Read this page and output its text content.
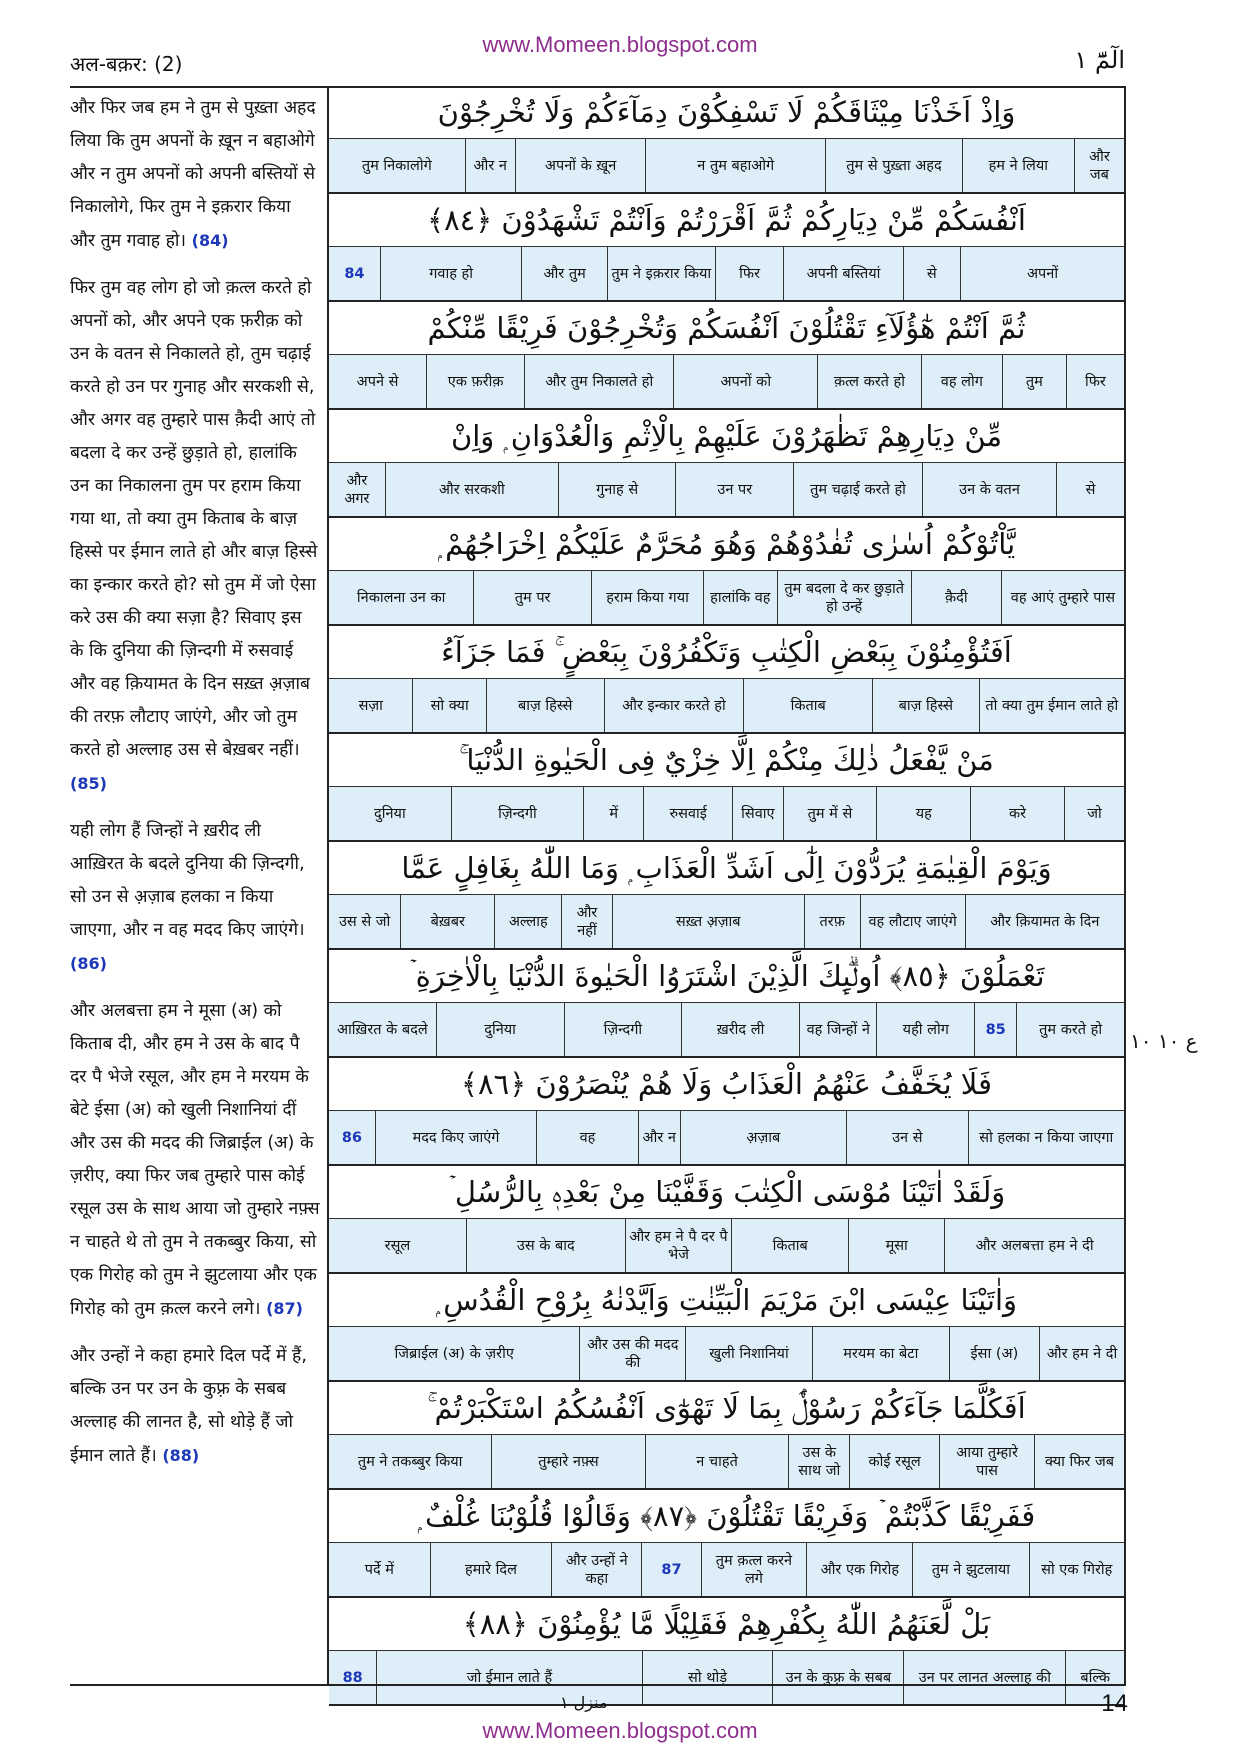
www.Momeen.blogspot.com
अल-बक़र: (2)	الٓمّٓ ١

और फिर जब हम ने तुम से पुख़्ता अहद लिया कि तुम अपनों के ख़ून न बहाओगे और न तुम अपनों को अपनी बस्तियों से निकालोगे, फिर तुम ने इक़रार किया और तुम गवाह हो। (84)

फिर तुम वह लोग हो जो क़त्ल करते हो अपनों को, और अपने एक फ़रीक़ को उन के वतन से निकालते हो, तुम चढ़ाई करते हो उन पर गुनाह और सरकशी से, और अगर वह तुम्हारे पास क़ैदी आएं तो बदला दे कर उन्हें छुड़ाते हो, हालांकि उन का निकालना तुम पर हराम किया गया था, तो क्या तुम किताब के बाज़ हिस्से पर ईमान लाते हो और बाज़ हिस्से का इन्कार करते हो? सो तुम में जो ऐसा करे उस की क्या सज़ा है? सिवाए इस के कि दुनिया की ज़िन्दगी में रुसवाई और वह क़ियामत के दिन सख़्त अ़ज़ाब की तरफ़ लौटाए जाएंगे, और जो तुम करते हो अल्लाह उस से बेख़बर नहीं। (85)

यही लोग हैं जिन्हों ने ख़रीद ली आख़िरत के बदले दुनिया की ज़िन्दगी, सो उन से अ़ज़ाब हलका न किया जाएगा, और न वह मदद किए जाएंगे। (86)

और अलबत्ता हम ने मूसा (अ) को किताब दी, और हम ने उस के बाद पै दर पै भेजे रसूल, और हम ने मरयम के बेटे ईसा (अ) को खुली निशानियां दीं और उस की मदद की जिब्राईल (अ) के ज़रीए, क्या फिर जब तुम्हारे पास कोई रसूल उस के साथ आया जो तुम्हारे नफ़्स न चाहते थे तो तुम ने तकब्बुर किया, सो एक गिरोह को तुम ने झुटलाया और एक गिरोह को तुम क़त्ल करने लगे। (87)

और उन्हों ने कहा हमारे दिल पर्दे में हैं, बल्कि उन पर उन के कुफ़्र के सबब अल्लाह की लानत है, सो थोड़े हैं जो ईमान लाते हैं। (88)

وَاِذْ اَخَذْنَا مِيْثَاقَكُمْ لَا تَسْفِكُوْنَ دِمَآءَكُمْ وَلَا تُخْرِجُوْنَ
और जब
हम ने लिया
तुम से पुख़्ता अहद
न तुम बहाओगे
अपनों के ख़ून
और न
तुम निकालोगे
اَنْفُسَكُمْ مِّنْ دِيَارِكُمْ ثُمَّ اَقْرَرْتُمْ وَاَنْتُمْ تَشْهَدُوْنَ ﴿٨٤﴾
अपनों
से
अपनी बस्तियां
फिर
तुम ने इक़रार किया
और तुम
गवाह हो
84
ثُمَّ اَنْتُمْ هٰٓؤُلَآءِ تَقْتُلُوْنَ اَنْفُسَكُمْ وَتُخْرِجُوْنَ فَرِيْقًا مِّنْكُمْ
फिर
तुम
वह लोग
क़त्ल करते हो
अपनों को
और तुम निकालते हो
एक फ़रीक़
अपने से
مِّنْ دِيَارِهِمْ تَظٰهَرُوْنَ عَلَيْهِمْ بِالْاِثْمِ وَالْعُدْوَانِ ۭ وَاِنْ
से
उन के वतन
तुम चढ़ाई करते हो
उन पर
गुनाह से
और सरकशी
और अगर
يَّاْتُوْكُمْ اُسٰرٰى تُفٰدُوْھُمْ وَھُوَ مُحَرَّمٌ عَلَيْكُمْ اِخْرَاجُهُمْ ۭ
वह आएं तुम्हारे पास
क़ैदी
तुम बदला दे कर छुड़ाते हो उन्हें
हालांकि वह
हराम किया गया
तुम पर
निकालना उन का
اَفَتُؤْمِنُوْنَ بِبَعْضِ الْكِتٰبِ وَتَكْفُرُوْنَ بِبَعْضٍ ۚ فَمَا جَزَآءُ
तो क्या तुम ईमान लाते हो
बाज़ हिस्से
किताब
और इन्कार करते हो
बाज़ हिस्से
सो क्या
सज़ा
مَنْ يَّفْعَلُ ذٰلِكَ مِنْكُمْ اِلَّا خِزْيٌ فِى الْحَيٰوةِ الدُّنْيَا ۚ
जो
करे
यह
तुम में से
सिवाए
रुसवाई
में
ज़िन्दगी
दुनिया
وَيَوْمَ الْقِيٰمَةِ يُرَدُّوْنَ اِلٰٓى اَشَدِّ الْعَذَابِ ۭ وَمَا اللّٰهُ بِغَافِلٍ عَمَّا
और क़ियामत के दिन
वह लौटाए जाएंगे
तरफ़
सख़्त अ़ज़ाब
और नहीं
अल्लाह
बेख़बर
उस से जो
تَعْمَلُوْنَ ﴿٨٥﴾ اُولٰۗىِٕكَ الَّذِيْنَ اشْتَرَوُا الْحَيٰوةَ الدُّنْيَا بِالْاٰخِرَةِ ۡ
तुम करते हो
85
यही लोग
वह जिन्हों ने
ख़रीद ली
ज़िन्दगी
दुनिया
आख़िरत के बदले
فَلَا يُخَفَّفُ عَنْهُمُ الْعَذَابُ وَلَا هُمْ يُنْصَرُوْنَ ﴿٨٦﴾
सो हलका न किया जाएगा
उन से
अ़ज़ाब
और न
वह
मदद किए जाएंगे
86
وَلَقَدْ اٰتَيْنَا مُوْسَى الْكِتٰبَ وَقَفَّيْنَا مِنْ بَعْدِهٖ بِالرُّسُلِ ۡ
और अलबत्ता हम ने दी
मूसा
किताब
और हम ने पै दर पै भेजे
उस के बाद
रसूल
وَاٰتَيْنَا عِيْسَى ابْنَ مَرْيَمَ الْبَيِّنٰتِ وَاَيَّدْنٰهُ بِرُوْحِ الْقُدُسِ ۭ
और हम ने दी
ईसा (अ)
मरयम का बेटा
खुली निशानियां
और उस की मदद की
जिब्राईल (अ) के ज़रीए
اَفَكُلَّمَا جَآءَكُمْ رَسُوْلٌۢ بِمَا لَا تَهْوٰٓى اَنْفُسُكُمُ اسْتَكْبَرْتُمْ ۚ
क्या फिर जब
आया तुम्हारे पास
कोई रसूल
उस के साथ जो
न चाहते
तुम्हारे नफ़्स
तुम ने तकब्बुर किया
فَفَرِيْقًا كَذَّبْتُمْ ۡ وَفَرِيْقًا تَقْتُلُوْنَ ﴿٨٧﴾ وَقَالُوْا قُلُوْبُنَا غُلْفٌ ۭ
सो एक गिरोह
तुम ने झुटलाया
और एक गिरोह
तुम क़त्ल करने लगे
87
और उन्हों ने कहा
हमारे दिल
पर्दे में
بَلْ لَّعَنَهُمُ اللّٰهُ بِكُفْرِهِمْ فَقَلِيْلًا مَّا يُؤْمِنُوْنَ ﴿٨٨﴾
बल्कि
उन पर लानत अल्लाह की
उन के कुफ़्र के सबब
सो थोड़े
जो ईमान लाते हैं
88
ع ١٠ ١٠
منزل ١	14
www.Momeen.blogspot.com
